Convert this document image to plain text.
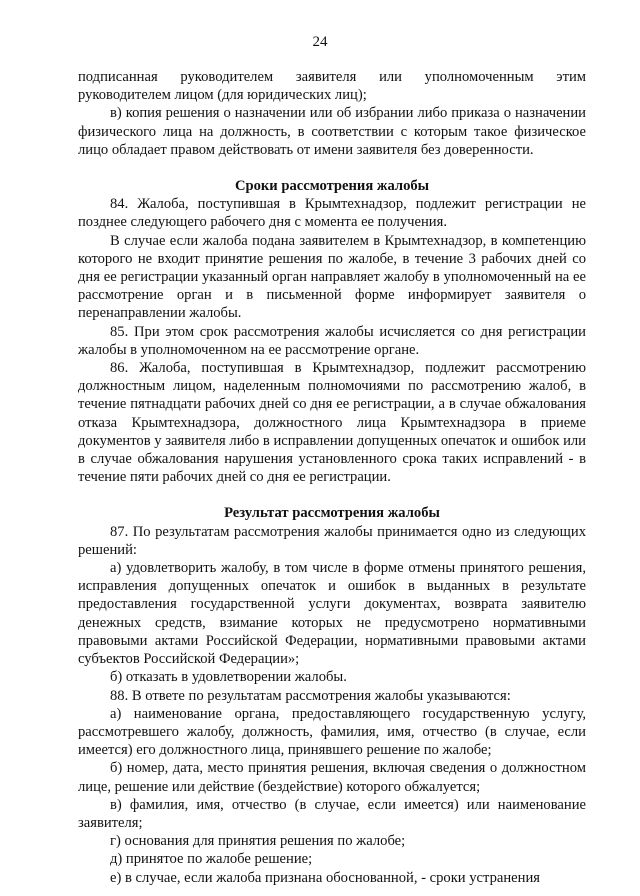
24

подписанная руководителем заявителя или уполномоченным этим руководителем лицом (для юридических лиц);

в) копия решения о назначении или об избрании либо приказа о назначении физического лица на должность, в соответствии с которым такое физическое лицо обладает правом действовать от имени заявителя без доверенности.

Сроки рассмотрения жалобы

84. Жалоба, поступившая в Крымтехнадзор, подлежит регистрации не позднее следующего рабочего дня с момента ее получения.

В случае если жалоба подана заявителем в Крымтехнадзор, в компетенцию которого не входит принятие решения по жалобе, в течение 3 рабочих дней со дня ее регистрации указанный орган направляет жалобу в уполномоченный на ее рассмотрение орган и в письменной форме информирует заявителя о перенаправлении жалобы.

85. При этом срок рассмотрения жалобы исчисляется со дня регистрации жалобы в уполномоченном на ее рассмотрение органе.

86. Жалоба, поступившая в Крымтехнадзор, подлежит рассмотрению должностным лицом, наделенным полномочиями по рассмотрению жалоб, в течение пятнадцати рабочих дней со дня ее регистрации, а в случае обжалования отказа Крымтехнадзора, должностного лица Крымтехнадзора в приеме документов у заявителя либо в исправлении допущенных опечаток и ошибок или в случае обжалования нарушения установленного срока таких исправлений - в течение пяти рабочих дней со дня ее регистрации.

Результат рассмотрения жалобы

87. По результатам рассмотрения жалобы принимается одно из следующих решений:

а) удовлетворить жалобу, в том числе в форме отмены принятого решения, исправления допущенных опечаток и ошибок в выданных в результате предоставления государственной услуги документах, возврата заявителю денежных средств, взимание которых не предусмотрено нормативными правовыми актами Российской Федерации, нормативными правовыми актами субъектов Российской Федерации»;

б) отказать в удовлетворении жалобы.

88. В ответе по результатам рассмотрения жалобы указываются:

а) наименование органа, предоставляющего государственную услугу, рассмотревшего жалобу, должность, фамилия, имя, отчество (в случае, если имеется) его должностного лица, принявшего решение по жалобе;

б) номер, дата, место принятия решения, включая сведения о должностном лице, решение или действие (бездействие) которого обжалуется;

в) фамилия, имя, отчество (в случае, если имеется) или наименование заявителя;

г) основания для принятия решения по жалобе;

д) принятое по жалобе решение;

е) в случае, если жалоба признана обоснованной, - сроки устранения
